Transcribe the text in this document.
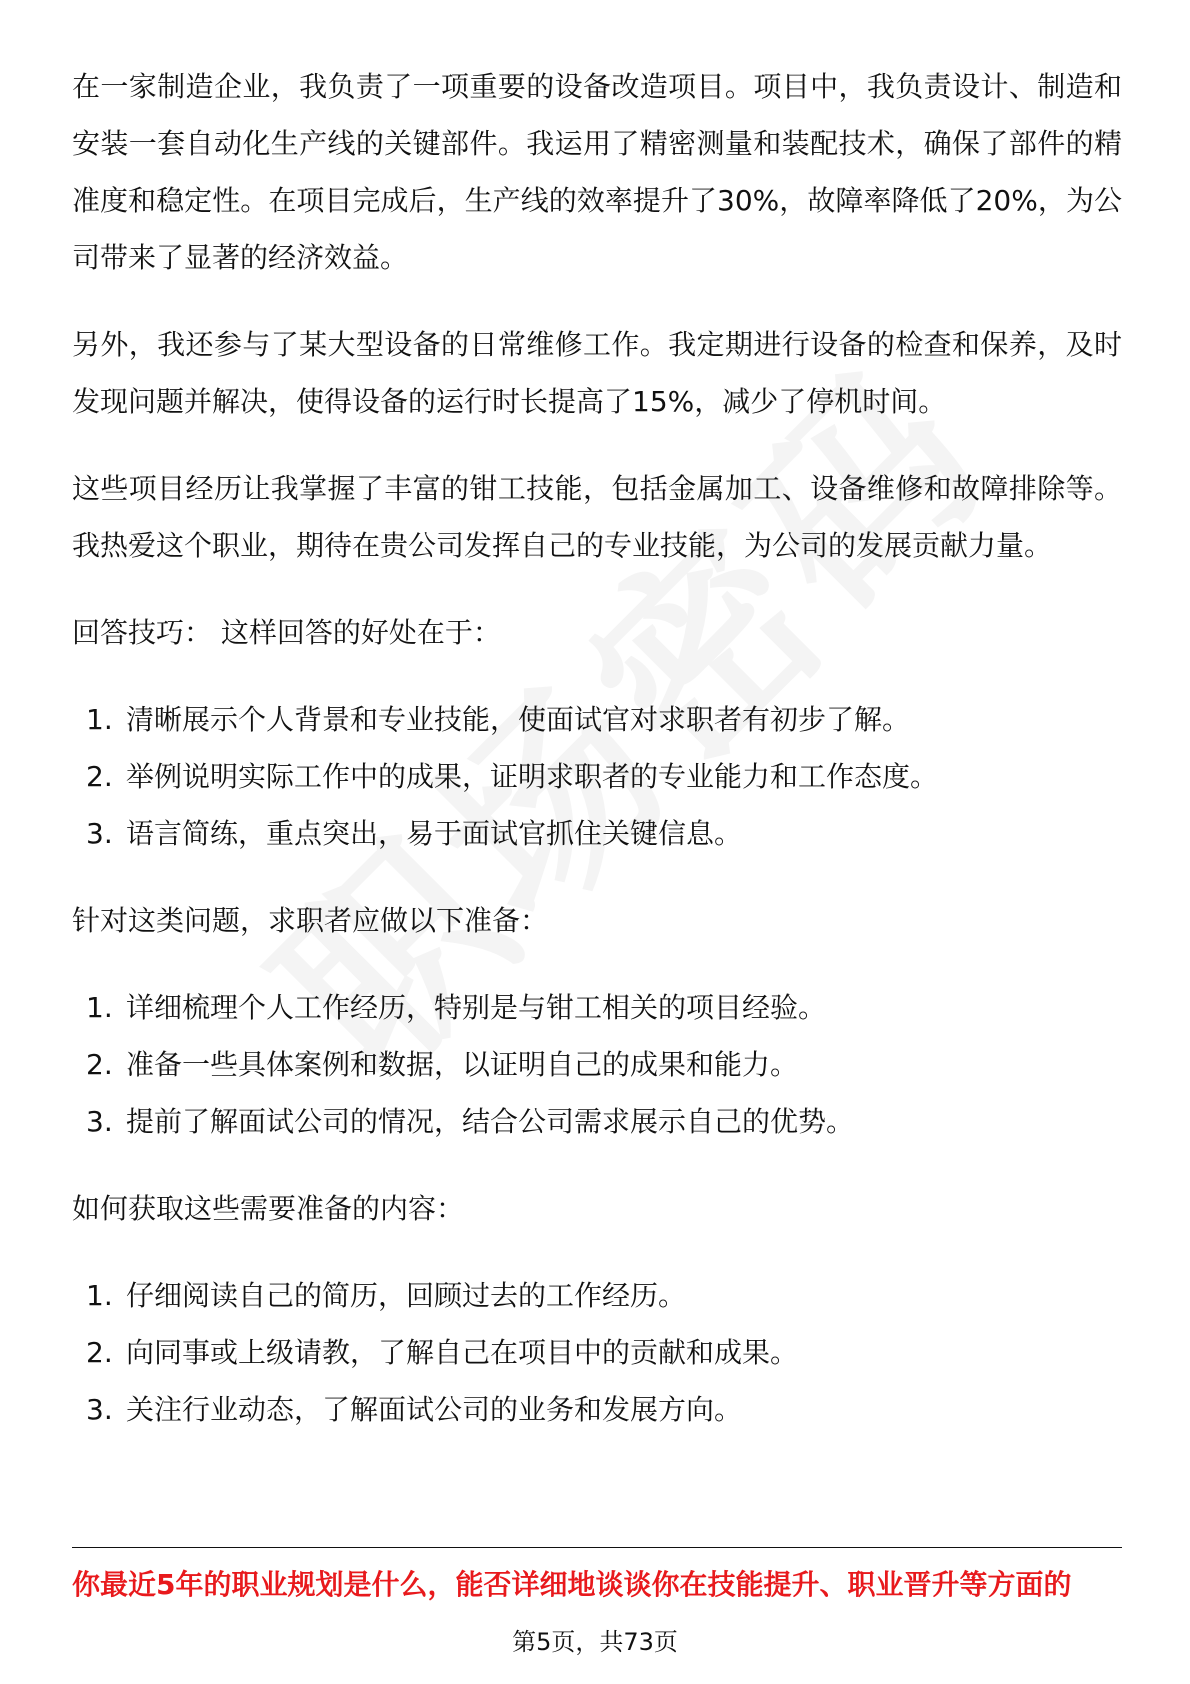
在一家制造企业，我负责了一项重要的设备改造项目。项目中，我负责设计、制造和安装一套自动化生产线的关键部件。我运用了精密测量和装配技术，确保了部件的精准度和稳定性。在项目完成后，生产线的效率提升了30%，故障率降低了20%，为公司带来了显著的经济效益。

另外，我还参与了某大型设备的日常维修工作。我定期进行设备的检查和保养，及时发现问题并解决，使得设备的运行时长提高了15%，减少了停机时间。

这些项目经历让我掌握了丰富的钳工技能，包括金属加工、设备维修和故障排除等。我热爱这个职业，期待在贵公司发挥自己的专业技能，为公司的发展贡献力量。

回答技巧： 这样回答的好处在于：

1. 清晰展示个人背景和专业技能，使面试官对求职者有初步了解。
2. 举例说明实际工作中的成果，证明求职者的专业能力和工作态度。
3. 语言简练，重点突出，易于面试官抓住关键信息。

针对这类问题，求职者应做以下准备：

1. 详细梳理个人工作经历，特别是与钳工相关的项目经验。
2. 准备一些具体案例和数据，以证明自己的成果和能力。
3. 提前了解面试公司的情况，结合公司需求展示自己的优势。

如何获取这些需要准备的内容：

1. 仔细阅读自己的简历，回顾过去的工作经历。
2. 向同事或上级请教，了解自己在项目中的贡献和成果。
3. 关注行业动态，了解面试公司的业务和发展方向。
你最近5年的职业规划是什么，能否详细地谈谈你在技能提升、职业晋升等方面的
第5页，共73页
